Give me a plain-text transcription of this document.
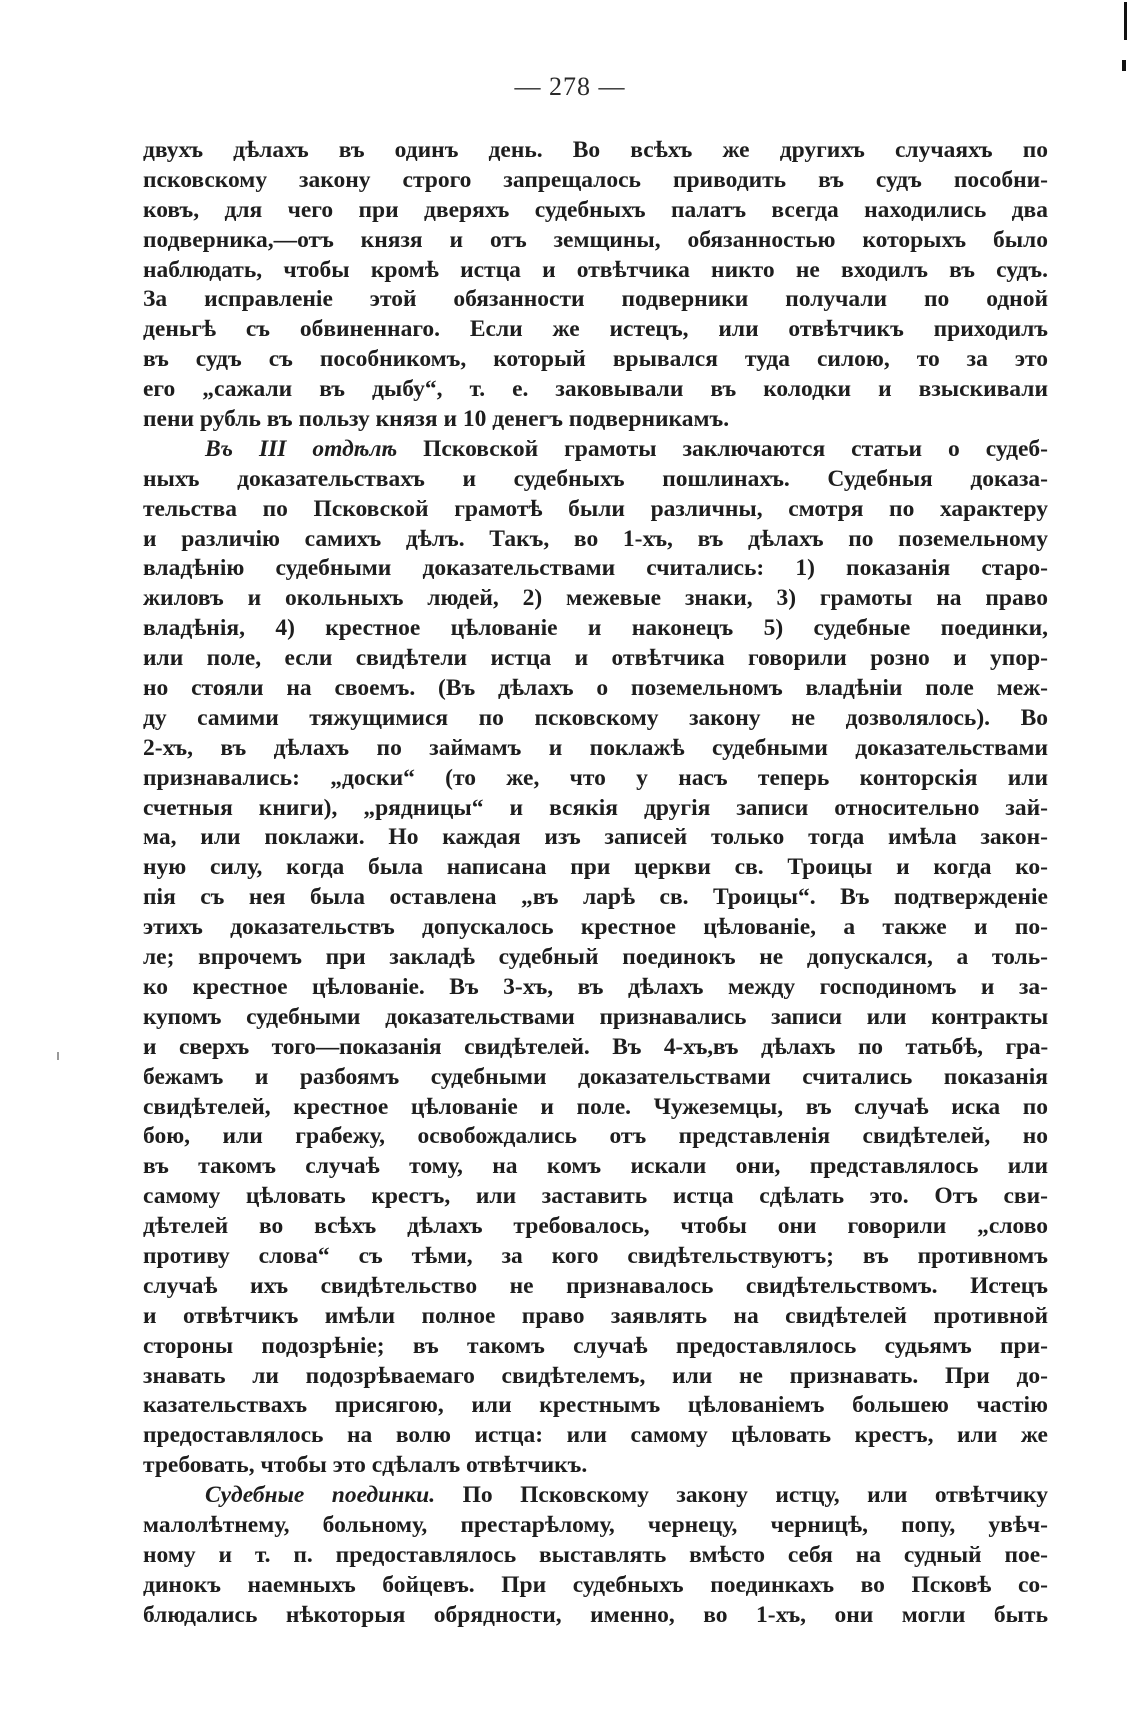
— 278 —
двухъ дѣлахъ въ одинъ день. Во всѣхъ же другихъ случаяхъ по
псковскому закону строго запрещалось приводить въ судъ пособни-
ковъ, для чего при дверяхъ судебныхъ палатъ всегда находились два
подверника,—отъ князя и отъ земщины, обязанностью которыхъ было
наблюдать, чтобы кромѣ истца и отвѣтчика никто не входилъ въ судъ.
За исправленіе этой обязанности подверники получали по одной
деньгѣ съ обвиненнаго. Если же истецъ, или отвѣтчикъ приходилъ
въ судъ съ пособникомъ, который врывался туда силою, то за это
его „сажали въ дыбу“, т. е. заковывали въ колодки и взыскивали
пени рубль въ пользу князя и 10 денегъ подверникамъ.
Въ III отдѣлѣ Псковской грамоты заключаются статьи о судеб-
ныхъ доказательствахъ и судебныхъ пошлинахъ. Судебныя доказа-
тельства по Псковской грамотѣ были различны, смотря по характеру
и различію самихъ дѣлъ. Такъ, во 1-хъ, въ дѣлахъ по поземельному
владѣнію судебными доказательствами считались: 1) показанія старо-
жиловъ и окольныхъ людей, 2) межевые знаки, 3) грамоты на право
владѣнія, 4) крестное цѣлованіе и наконецъ 5) судебные поединки,
или поле, если свидѣтели истца и отвѣтчика говорили розно и упор-
но стояли на своемъ. (Въ дѣлахъ о поземельномъ владѣніи поле меж-
ду самими тяжущимися по псковскому закону не дозволялось). Во
2-хъ, въ дѣлахъ по займамъ и поклажѣ судебными доказательствами
признавались: „доски“ (то же, что у насъ теперь конторскія или
счетныя книги), „рядницы“ и всякія другія записи относительно зай-
ма, или поклажи. Но каждая изъ записей только тогда имѣла закон-
ную силу, когда была написана при церкви св. Троицы и когда ко-
пія съ нея была оставлена „въ ларѣ св. Троицы“. Въ подтвержденіе
этихъ доказательствъ допускалось крестное цѣлованіе, а также и по-
ле; впрочемъ при закладѣ судебный поединокъ не допускался, а толь-
ко крестное цѣлованіе. Въ 3-хъ, въ дѣлахъ между господиномъ и за-
купомъ судебными доказательствами признавались записи или контракты
и сверхъ того—показанія свидѣтелей. Въ 4-хъ,въ дѣлахъ по татьбѣ, гра-
бежамъ и разбоямъ судебными доказательствами считались показанія
свидѣтелей, крестное цѣлованіе и поле. Чужеземцы, въ случаѣ иска по
бою, или грабежу, освобождались отъ представленія свидѣтелей, но
въ такомъ случаѣ тому, на комъ искали они, представлялось или
самому цѣловать крестъ, или заставить истца сдѣлать это. Отъ сви-
дѣтелей во всѣхъ дѣлахъ требовалось, чтобы они говорили „слово
противу слова“ съ тѣми, за кого свидѣтельствуютъ; въ противномъ
случаѣ ихъ свидѣтельство не признавалось свидѣтельствомъ. Истецъ
и отвѣтчикъ имѣли полное право заявлять на свидѣтелей противной
стороны подозрѣніе; въ такомъ случаѣ предоставлялось судьямъ при-
знавать ли подозрѣваемаго свидѣтелемъ, или не признавать. При до-
казательствахъ присягою, или крестнымъ цѣлованіемъ большею частію
предоставлялось на волю истца: или самому цѣловать крестъ, или же
требовать, чтобы это сдѣлалъ отвѣтчикъ.
Судебные поединки. По Псковскому закону истцу, или отвѣтчику
малолѣтнему, больному, престарѣлому, чернецу, черницѣ, попу, увѣч-
ному и т. п. предоставлялось выставлять вмѣсто себя на судный пое-
динокъ наемныхъ бойцевъ. При судебныхъ поединкахъ во Псковѣ со-
блюдались нѣкоторыя обрядности, именно, во 1-хъ, они могли быть
